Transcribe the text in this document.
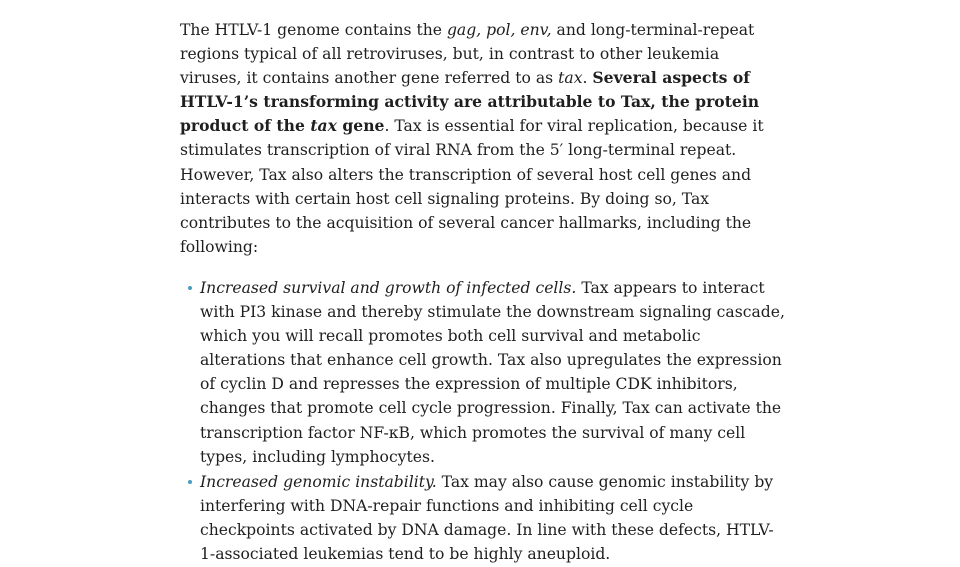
The HTLV-1 genome contains the gag, pol, env, and long-terminal-repeat regions typical of all retroviruses, but, in contrast to other leukemia viruses, it contains another gene referred to as tax. Several aspects of HTLV-1’s transforming activity are attributable to Tax, the protein product of the tax gene. Tax is essential for viral replication, because it stimulates transcription of viral RNA from the 5′ long-terminal repeat. However, Tax also alters the transcription of several host cell genes and interacts with certain host cell signaling proteins. By doing so, Tax contributes to the acquisition of several cancer hallmarks, including the following:

Increased survival and growth of infected cells. Tax appears to interact with PI3 kinase and thereby stimulate the downstream signaling cascade, which you will recall promotes both cell survival and metabolic alterations that enhance cell growth. Tax also upregulates the expression of cyclin D and represses the expression of multiple CDK inhibitors, changes that promote cell cycle progression. Finally, Tax can activate the transcription factor NF-κB, which promotes the survival of many cell types, including lymphocytes.
Increased genomic instability. Tax may also cause genomic instability by interfering with DNA-repair functions and inhibiting cell cycle checkpoints activated by DNA damage. In line with these defects, HTLV-1-associated leukemias tend to be highly aneuploid.
